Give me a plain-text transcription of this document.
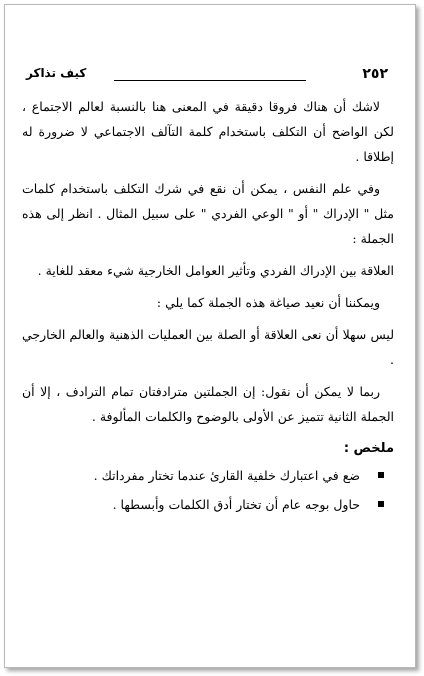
٢٥٢
كيف تذاكر

لاشك أن هناك فروقا دقيقة في المعنى هنا بالنسبة لعالم الاجتماع ، لكن الواضح أن التكلف باستخدام كلمة التآلف الاجتماعي لا ضرورة له إطلاقا .

وفي علم النفس ، يمكن أن نقع في شرك التكلف باستخدام كلمات مثل " الإدراك " أو " الوعي الفردي " على سبيل المثال . انظر إلى هذه الجملة :

العلاقة بين الإدراك الفردي وتأثير العوامل الخارجية شيء معقد للغاية .

ويمكننا أن نعيد صياغة هذه الجملة كما يلي :

ليس سهلا أن نعى العلاقة أو الصلة بين العمليات الذهنية والعالم الخارجي .

ربما لا يمكن أن نقول: إن الجملتين مترادفتان تمام الترادف ، إلا أن الجملة الثانية تتميز عن الأولى بالوضوح والكلمات المألوفة .

ملخص :
ضع في اعتبارك خلفية القارئ عندما تختار مفرداتك .
حاول بوجه عام أن تختار أدق الكلمات وأبسطها .
